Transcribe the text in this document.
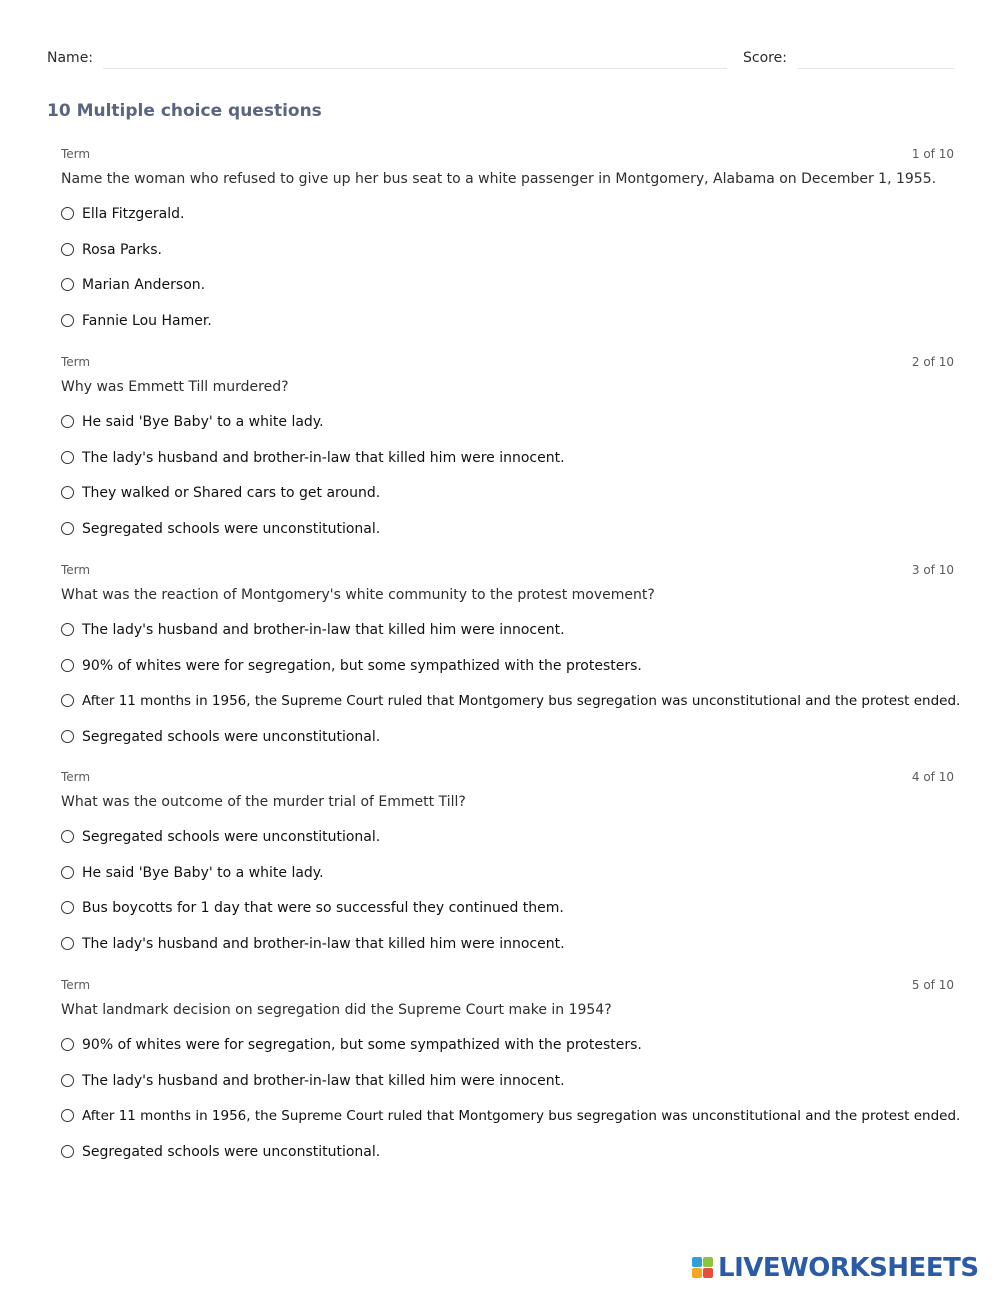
Name:	Score:
10 Multiple choice questions
Term	1 of 10
Name the woman who refused to give up her bus seat to a white passenger in Montgomery, Alabama on December 1, 1955.
Ella Fitzgerald.
Rosa Parks.
Marian Anderson.
Fannie Lou Hamer.
Term	2 of 10
Why was Emmett Till murdered?
He said 'Bye Baby' to a white lady.
The lady's husband and brother-in-law that killed him were innocent.
They walked or Shared cars to get around.
Segregated schools were unconstitutional.
Term	3 of 10
What was the reaction of Montgomery's white community to the protest movement?
The lady's husband and brother-in-law that killed him were innocent.
90% of whites were for segregation, but some sympathized with the protesters.
After 11 months in 1956, the Supreme Court ruled that Montgomery bus segregation was unconstitutional and the protest ended.
Segregated schools were unconstitutional.
Term	4 of 10
What was the outcome of the murder trial of Emmett Till?
Segregated schools were unconstitutional.
He said 'Bye Baby' to a white lady.
Bus boycotts for 1 day that were so successful they continued them.
The lady's husband and brother-in-law that killed him were innocent.
Term	5 of 10
What landmark decision on segregation did the Supreme Court make in 1954?
90% of whites were for segregation, but some sympathized with the protesters.
The lady's husband and brother-in-law that killed him were innocent.
After 11 months in 1956, the Supreme Court ruled that Montgomery bus segregation was unconstitutional and the protest ended.
Segregated schools were unconstitutional.
LIVEWORKSHEETS
